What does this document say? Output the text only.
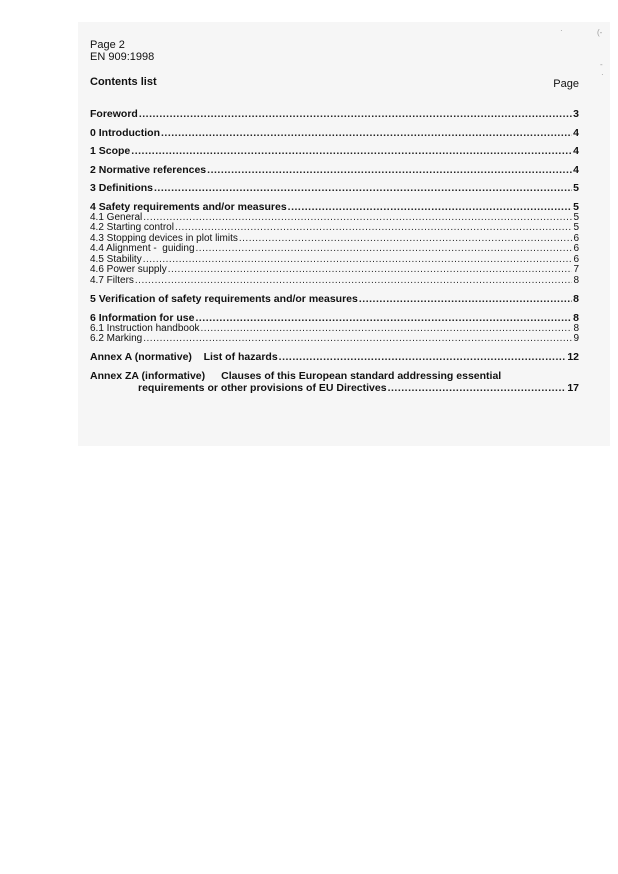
Page 2
EN 909:1998
Contents list	Page
Foreword .....	3
0 Introduction .....	4
1 Scope .....	4
2 Normative references .....	4
3 Definitions .....	5
4 Safety requirements and/or measures .....	5
4.1 General .....	5
4.2 Starting control .....	5
4.3 Stopping devices in plot limits .....	6
4.4 Alignment -  guiding .....	6
4.5 Stability .....	6
4.6 Power supply .....	7
4.7 Filters .....	8
5 Verification of safety requirements and/or measures .....	8
6 Information for use .....	8
6.1 Instruction handbook .....	8
6.2 Marking .....	9
Annex A (normative)    List of hazards .....	12
Annex ZA (informative) Clauses of this European standard addressing essential
requirements or other provisions of EU Directives .....	17
·	(-
-
·
